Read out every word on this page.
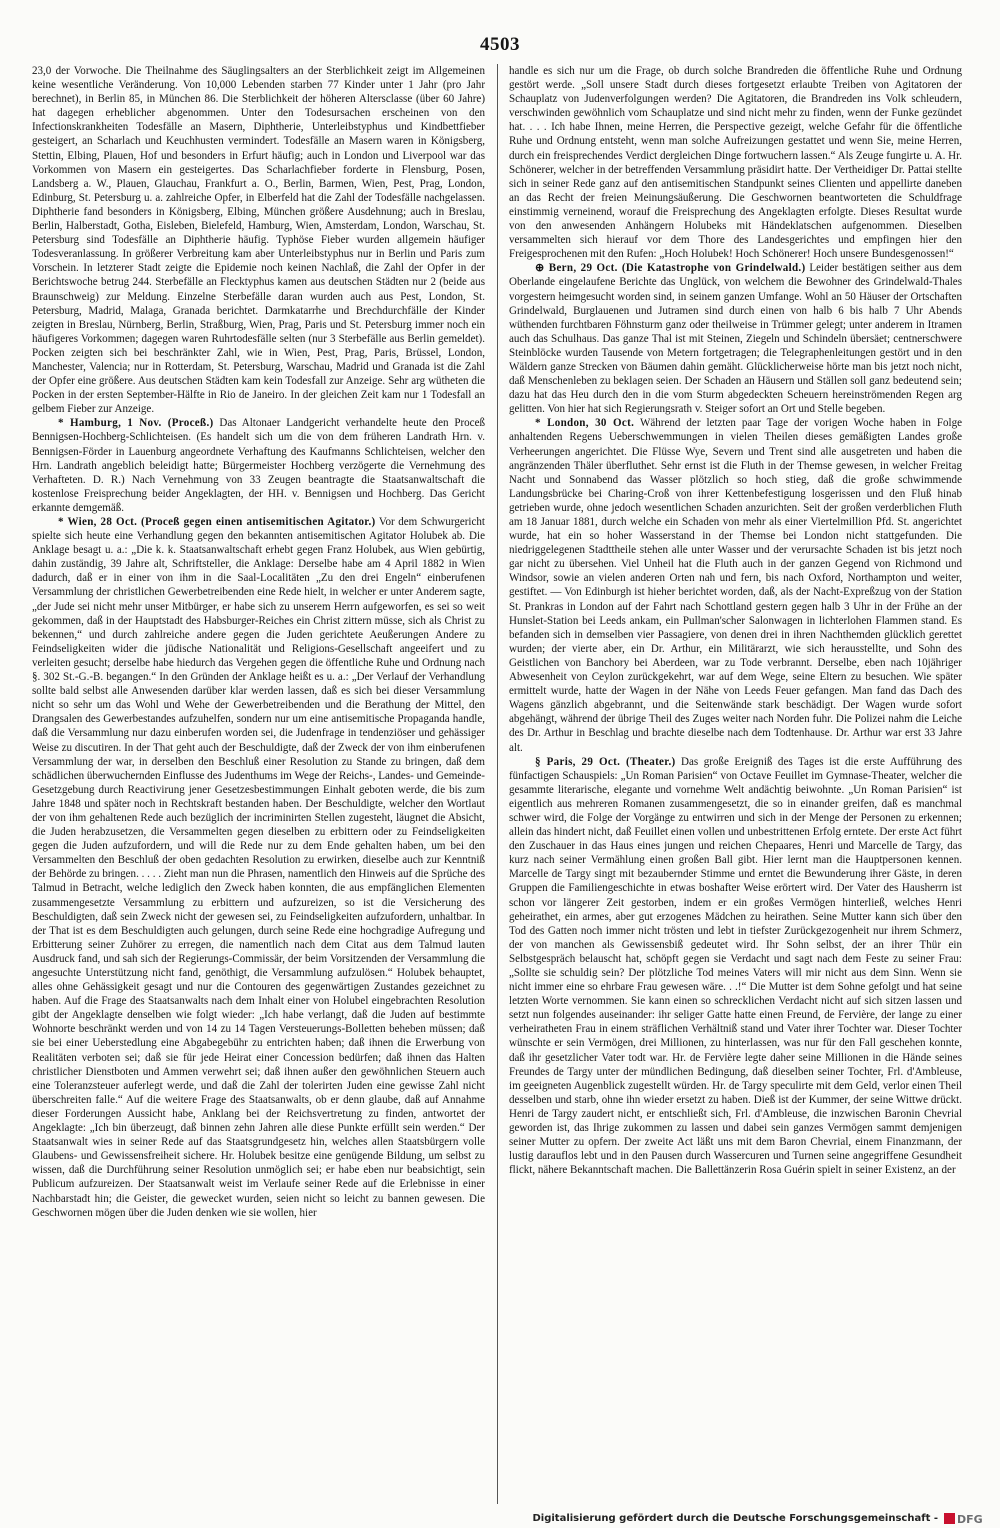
4503

23,0 der Vorwoche. Die Theilnahme des Säuglingsalters an der Sterblichkeit zeigt im Allgemeinen keine wesentliche Veränderung. Von 10,000 Lebenden starben 77 Kinder unter 1 Jahr (pro Jahr berechnet), in Berlin 85, in München 86. Die Sterblichkeit der höheren Altersclasse (über 60 Jahre) hat dagegen erheblicher abgenommen. Unter den Todesursachen erscheinen von den Infectionskrankheiten Todesfälle an Masern, Diphtherie, Unterleibstyphus und Kindbettfieber gesteigert, an Scharlach und Keuchhusten vermindert. Todesfälle an Masern waren in Königsberg, Stettin, Elbing, Plauen, Hof und besonders in Erfurt häufig; auch in London und Liverpool war das Vorkommen von Masern ein gesteigertes. Das Scharlachfieber forderte in Flensburg, Posen, Landsberg a. W., Plauen, Glauchau, Frankfurt a. O., Berlin, Barmen, Wien, Pest, Prag, London, Edinburg, St. Petersburg u. a. zahlreiche Opfer, in Elberfeld hat die Zahl der Todesfälle nachgelassen. Diphtherie fand besonders in Königsberg, Elbing, München größere Ausdehnung; auch in Breslau, Berlin, Halberstadt, Gotha, Eisleben, Bielefeld, Hamburg, Wien, Amsterdam, London, Warschau, St. Petersburg sind Todesfälle an Diphtherie häufig. Typhöse Fieber wurden allgemein häufiger Todesveranlassung. In größerer Verbreitung kam aber Unterleibstyphus nur in Berlin und Paris zum Vorschein. In letzterer Stadt zeigte die Epidemie noch keinen Nachlaß, die Zahl der Opfer in der Berichtswoche betrug 244. Sterbefälle an Flecktyphus kamen aus deutschen Städten nur 2 (beide aus Braunschweig) zur Meldung. Einzelne Sterbefälle daran wurden auch aus Pest, London, St. Petersburg, Madrid, Malaga, Granada berichtet. Darmkatarrhe und Brechdurchfälle der Kinder zeigten in Breslau, Nürnberg, Berlin, Straßburg, Wien, Prag, Paris und St. Petersburg immer noch ein häufigeres Vorkommen; dagegen waren Ruhrtodesfälle selten (nur 3 Sterbefälle aus Berlin gemeldet). Pocken zeigten sich bei beschränkter Zahl, wie in Wien, Pest, Prag, Paris, Brüssel, London, Manchester, Valencia; nur in Rotterdam, St. Petersburg, Warschau, Madrid und Granada ist die Zahl der Opfer eine größere. Aus deutschen Städten kam kein Todesfall zur Anzeige. Sehr arg wütheten die Pocken in der ersten September-Hälfte in Rio de Janeiro. In der gleichen Zeit kam nur 1 Todesfall an gelbem Fieber zur Anzeige.

* Hamburg, 1 Nov. (Proceß.) Das Altonaer Landgericht verhandelte heute den Proceß Bennigsen-Hochberg-Schlichteisen. (Es handelt sich um die von dem früheren Landrath Hrn. v. Bennigsen-Förder in Lauenburg angeordnete Verhaftung des Kaufmanns Schlichteisen, welcher den Hrn. Landrath angeblich beleidigt hatte; Bürgermeister Hochberg verzögerte die Vernehmung des Verhafteten. D. R.) Nach Vernehmung von 33 Zeugen beantragte die Staatsanwaltschaft die kostenlose Freisprechung beider Angeklagten, der HH. v. Bennigsen und Hochberg. Das Gericht erkannte demgemäß.

* Wien, 28 Oct. (Proceß gegen einen antisemitischen Agitator.) Vor dem Schwurgericht spielte sich heute eine Verhandlung gegen den bekannten antisemitischen Agitator Holubek ab. Die Anklage besagt u. a.: „Die k. k. Staatsanwaltschaft erhebt gegen Franz Holubek, aus Wien gebürtig, dahin zuständig, 39 Jahre alt, Schriftsteller, die Anklage: Derselbe habe am 4 April 1882 in Wien dadurch, daß er in einer von ihm in die Saal-Localitäten „Zu den drei Engeln“ einberufenen Versammlung der christlichen Gewerbetreibenden eine Rede hielt, in welcher er unter Anderem sagte, „der Jude sei nicht mehr unser Mitbürger, er habe sich zu unserem Herrn aufgeworfen, es sei so weit gekommen, daß in der Hauptstadt des Habsburger-Reiches ein Christ zittern müsse, sich als Christ zu bekennen,“ und durch zahlreiche andere gegen die Juden gerichtete Aeußerungen Andere zu Feindseligkeiten wider die jüdische Nationalität und Religions-Gesellschaft angeeifert und zu verleiten gesucht; derselbe habe hiedurch das Vergehen gegen die öffentliche Ruhe und Ordnung nach §. 302 St.-G.-B. begangen.“ In den Gründen der Anklage heißt es u. a.: „Der Verlauf der Verhandlung sollte bald selbst alle Anwesenden darüber klar werden lassen, daß es sich bei dieser Versammlung nicht so sehr um das Wohl und Wehe der Gewerbetreibenden und die Berathung der Mittel, den Drangsalen des Gewerbestandes aufzuhelfen, sondern nur um eine antisemitische Propaganda handle, daß die Versammlung nur dazu einberufen worden sei, die Judenfrage in tendenziöser und gehässiger Weise zu discutiren. In der That geht auch der Beschuldigte, daß der Zweck der von ihm einberufenen Versammlung der war, in derselben den Beschluß einer Resolution zu Stande zu bringen, daß dem schädlichen überwuchernden Einflusse des Judenthums im Wege der Reichs-, Landes- und Gemeinde-Gesetzgebung durch Reactivirung jener Gesetzesbestimmungen Einhalt geboten werde, die bis zum Jahre 1848 und später noch in Rechtskraft bestanden haben. Der Beschuldigte, welcher den Wortlaut der von ihm gehaltenen Rede auch bezüglich der incriminirten Stellen zugesteht, läugnet die Absicht, die Juden herabzusetzen, die Versammelten gegen dieselben zu erbittern oder zu Feindseligkeiten gegen die Juden aufzufordern, und will die Rede nur zu dem Ende gehalten haben, um bei den Versammelten den Beschluß der oben gedachten Resolution zu erwirken, dieselbe auch zur Kenntniß der Behörde zu bringen. . . . . Zieht man nun die Phrasen, namentlich den Hinweis auf die Sprüche des Talmud in Betracht, welche lediglich den Zweck haben konnten, die aus empfänglichen Elementen zusammengesetzte Versammlung zu erbittern und aufzureizen, so ist die Versicherung des Beschuldigten, daß sein Zweck nicht der gewesen sei, zu Feindseligkeiten aufzufordern, unhaltbar. In der That ist es dem Beschuldigten auch gelungen, durch seine Rede eine hochgradige Aufregung und Erbitterung seiner Zuhörer zu erregen, die namentlich nach dem Citat aus dem Talmud lauten Ausdruck fand, und sah sich der Regierungs-Commissär, der beim Vorsitzenden der Versammlung die angesuchte Unterstützung nicht fand, genöthigt, die Versammlung aufzulösen.“ Holubek behauptet, alles ohne Gehässigkeit gesagt und nur die Contouren des gegenwärtigen Zustandes gezeichnet zu haben. Auf die Frage des Staatsanwalts nach dem Inhalt einer von Holubel eingebrachten Resolution gibt der Angeklagte denselben wie folgt wieder: „Ich habe verlangt, daß die Juden auf bestimmte Wohnorte beschränkt werden und von 14 zu 14 Tagen Versteuerungs-Bolletten beheben müssen; daß sie bei einer Ueberstedlung eine Abgabegebühr zu entrichten haben; daß ihnen die Erwerbung von Realitäten verboten sei; daß sie für jede Heirat einer Concession bedürfen; daß ihnen das Halten christlicher Dienstboten und Ammen verwehrt sei; daß ihnen außer den gewöhnlichen Steuern auch eine Toleranzsteuer auferlegt werde, und daß die Zahl der tolerirten Juden eine gewisse Zahl nicht überschreiten falle.“ Auf die weitere Frage des Staatsanwalts, ob er denn glaube, daß auf Annahme dieser Forderungen Aussicht habe, Anklang bei der Reichsvertretung zu finden, antwortet der Angeklagte: „Ich bin überzeugt, daß binnen zehn Jahren alle diese Punkte erfüllt sein werden.“ Der Staatsanwalt wies in seiner Rede auf das Staatsgrundgesetz hin, welches allen Staatsbürgern volle Glaubens- und Gewissensfreiheit sichere. Hr. Holubek besitze eine genügende Bildung, um selbst zu wissen, daß die Durchführung seiner Resolution unmöglich sei; er habe eben nur beabsichtigt, sein Publicum aufzureizen. Der Staatsanwalt weist im Verlaufe seiner Rede auf die Erlebnisse in einer Nachbarstadt hin; die Geister, die gewecket wurden, seien nicht so leicht zu bannen gewesen. Die Geschwornen mögen über die Juden denken wie sie wollen, hier

handle es sich nur um die Frage, ob durch solche Brandreden die öffentliche Ruhe und Ordnung gestört werde. „Soll unsere Stadt durch dieses fortgesetzt erlaubte Treiben von Agitatoren der Schauplatz von Judenverfolgungen werden? Die Agitatoren, die Brandreden ins Volk schleudern, verschwinden gewöhnlich vom Schauplatze und sind nicht mehr zu finden, wenn der Funke gezündet hat. . . . Ich habe Ihnen, meine Herren, die Perspective gezeigt, welche Gefahr für die öffentliche Ruhe und Ordnung entsteht, wenn man solche Aufreizungen gestattet und wenn Sie, meine Herren, durch ein freisprechendes Verdict dergleichen Dinge fortwuchern lassen.“ Als Zeuge fungirte u. A. Hr. Schönerer, welcher in der betreffenden Versammlung präsidirt hatte. Der Vertheidiger Dr. Pattai stellte sich in seiner Rede ganz auf den antisemitischen Standpunkt seines Clienten und appellirte daneben an das Recht der freien Meinungsäußerung. Die Geschwornen beantworteten die Schuldfrage einstimmig verneinend, worauf die Freisprechung des Angeklagten erfolgte. Dieses Resultat wurde von den anwesenden Anhängern Holubeks mit Händeklatschen aufgenommen. Dieselben versammelten sich hierauf vor dem Thore des Landesgerichtes und empfingen hier den Freigesprochenen mit den Rufen: „Hoch Holubek! Hoch Schönerer! Hoch unsere Bundesgenossen!“

⊕ Bern, 29 Oct. (Die Katastrophe von Grindelwald.) Leider bestätigen seither aus dem Oberlande eingelaufene Berichte das Unglück, von welchem die Bewohner des Grindelwald-Thales vorgestern heimgesucht worden sind, in seinem ganzen Umfange. Wohl an 50 Häuser der Ortschaften Grindelwald, Burglauenen und Jutramen sind durch einen von halb 6 bis halb 7 Uhr Abends wüthenden furchtbaren Föhnsturm ganz oder theilweise in Trümmer gelegt; unter anderem in Itramen auch das Schulhaus. Das ganze Thal ist mit Steinen, Ziegeln und Schindeln übersäet; centnerschwere Steinblöcke wurden Tausende von Metern fortgetragen; die Telegraphenleitungen gestört und in den Wäldern ganze Strecken von Bäumen dahin gemäht. Glücklicherweise hörte man bis jetzt noch nicht, daß Menschenleben zu beklagen seien. Der Schaden an Häusern und Ställen soll ganz bedeutend sein; dazu hat das Heu durch den in die vom Sturm abgedeckten Scheuern hereinströmenden Regen arg gelitten. Von hier hat sich Regierungsrath v. Steiger sofort an Ort und Stelle begeben.

* London, 30 Oct. Während der letzten paar Tage der vorigen Woche haben in Folge anhaltenden Regens Ueberschwemmungen in vielen Theilen dieses gemäßigten Landes große Verheerungen angerichtet. Die Flüsse Wye, Severn und Trent sind alle ausgetreten und haben die angränzenden Thäler überfluthet. Sehr ernst ist die Fluth in der Themse gewesen, in welcher Freitag Nacht und Sonnabend das Wasser plötzlich so hoch stieg, daß die große schwimmende Landungsbrücke bei Charing-Croß von ihrer Kettenbefestigung losgerissen und den Fluß hinab getrieben wurde, ohne jedoch wesentlichen Schaden anzurichten. Seit der großen verderblichen Fluth am 18 Januar 1881, durch welche ein Schaden von mehr als einer Viertelmillion Pfd. St. angerichtet wurde, hat ein so hoher Wasserstand in der Themse bei London nicht stattgefunden. Die niedriggelegenen Stadttheile stehen alle unter Wasser und der verursachte Schaden ist bis jetzt noch gar nicht zu übersehen. Viel Unheil hat die Fluth auch in der ganzen Gegend von Richmond und Windsor, sowie an vielen anderen Orten nah und fern, bis nach Oxford, Northampton und weiter, gestiftet. — Von Edinburgh ist hieher berichtet worden, daß, als der Nacht-Expreßzug von der Station St. Prankras in London auf der Fahrt nach Schottland gestern gegen halb 3 Uhr in der Frühe an der Hunslet-Station bei Leeds ankam, ein Pullman'scher Salonwagen in lichterlohen Flammen stand. Es befanden sich in demselben vier Passagiere, von denen drei in ihren Nachthemden glücklich gerettet wurden; der vierte aber, ein Dr. Arthur, ein Militärarzt, wie sich herausstellte, und Sohn des Geistlichen von Banchory bei Aberdeen, war zu Tode verbrannt. Derselbe, eben nach 10jähriger Abwesenheit von Ceylon zurückgekehrt, war auf dem Wege, seine Eltern zu besuchen. Wie später ermittelt wurde, hatte der Wagen in der Nähe von Leeds Feuer gefangen. Man fand das Dach des Wagens gänzlich abgebrannt, und die Seitenwände stark beschädigt. Der Wagen wurde sofort abgehängt, während der übrige Theil des Zuges weiter nach Norden fuhr. Die Polizei nahm die Leiche des Dr. Arthur in Beschlag und brachte dieselbe nach dem Todtenhause. Dr. Arthur war erst 33 Jahre alt.

§ Paris, 29 Oct. (Theater.) Das große Ereigniß des Tages ist die erste Aufführung des fünfactigen Schauspiels: „Un Roman Parisien“ von Octave Feuillet im Gymnase-Theater, welcher die gesammte literarische, elegante und vornehme Welt andächtig beiwohnte. „Un Roman Parisien“ ist eigentlich aus mehreren Romanen zusammengesetzt, die so in einander greifen, daß es manchmal schwer wird, die Folge der Vorgänge zu entwirren und sich in der Menge der Personen zu erkennen; allein das hindert nicht, daß Feuillet einen vollen und unbestrittenen Erfolg erntete. Der erste Act führt den Zuschauer in das Haus eines jungen und reichen Chepaares, Henri und Marcelle de Targy, das kurz nach seiner Vermählung einen großen Ball gibt. Hier lernt man die Hauptpersonen kennen. Marcelle de Targy singt mit bezaubernder Stimme und erntet die Bewunderung ihrer Gäste, in deren Gruppen die Familiengeschichte in etwas boshafter Weise erörtert wird. Der Vater des Hausherrn ist schon vor längerer Zeit gestorben, indem er ein großes Vermögen hinterließ, welches Henri geheirathet, ein armes, aber gut erzogenes Mädchen zu heirathen. Seine Mutter kann sich über den Tod des Gatten noch immer nicht trösten und lebt in tiefster Zurückgezogenheit nur ihrem Schmerz, der von manchen als Gewissensbiß gedeutet wird. Ihr Sohn selbst, der an ihrer Thür ein Selbstgespräch belauscht hat, schöpft gegen sie Verdacht und sagt nach dem Feste zu seiner Frau: „Sollte sie schuldig sein? Der plötzliche Tod meines Vaters will mir nicht aus dem Sinn. Wenn sie nicht immer eine so ehrbare Frau gewesen wäre. . .!“ Die Mutter ist dem Sohne gefolgt und hat seine letzten Worte vernommen. Sie kann einen so schrecklichen Verdacht nicht auf sich sitzen lassen und setzt nun folgendes auseinander: ihr seliger Gatte hatte einen Freund, de Fervière, der lange zu einer verheiratheten Frau in einem sträflichen Verhältniß stand und Vater ihrer Tochter war. Dieser Tochter wünschte er sein Vermögen, drei Millionen, zu hinterlassen, was nur für den Fall geschehen konnte, daß ihr gesetzlicher Vater todt war. Hr. de Fervière legte daher seine Millionen in die Hände seines Freundes de Targy unter der mündlichen Bedingung, daß dieselben seiner Tochter, Frl. d'Ambleuse, im geeigneten Augenblick zugestellt würden. Hr. de Targy speculirte mit dem Geld, verlor einen Theil desselben und starb, ohne ihn wieder ersetzt zu haben. Dieß ist der Kummer, der seine Wittwe drückt. Henri de Targy zaudert nicht, er entschließt sich, Frl. d'Ambleuse, die inzwischen Baronin Chevrial geworden ist, das Ihrige zukommen zu lassen und dabei sein ganzes Vermögen sammt demjenigen seiner Mutter zu opfern. Der zweite Act läßt uns mit dem Baron Chevrial, einem Finanzmann, der lustig darauflos lebt und in den Pausen durch Wassercuren und Turnen seine angegriffene Gesundheit flickt, nähere Bekanntschaft machen. Die Ballettänzerin Rosa Guérin spielt in seiner Existenz, an der

Digitalisierung gefördert durch die Deutsche Forschungsgemeinschaft - DFG
